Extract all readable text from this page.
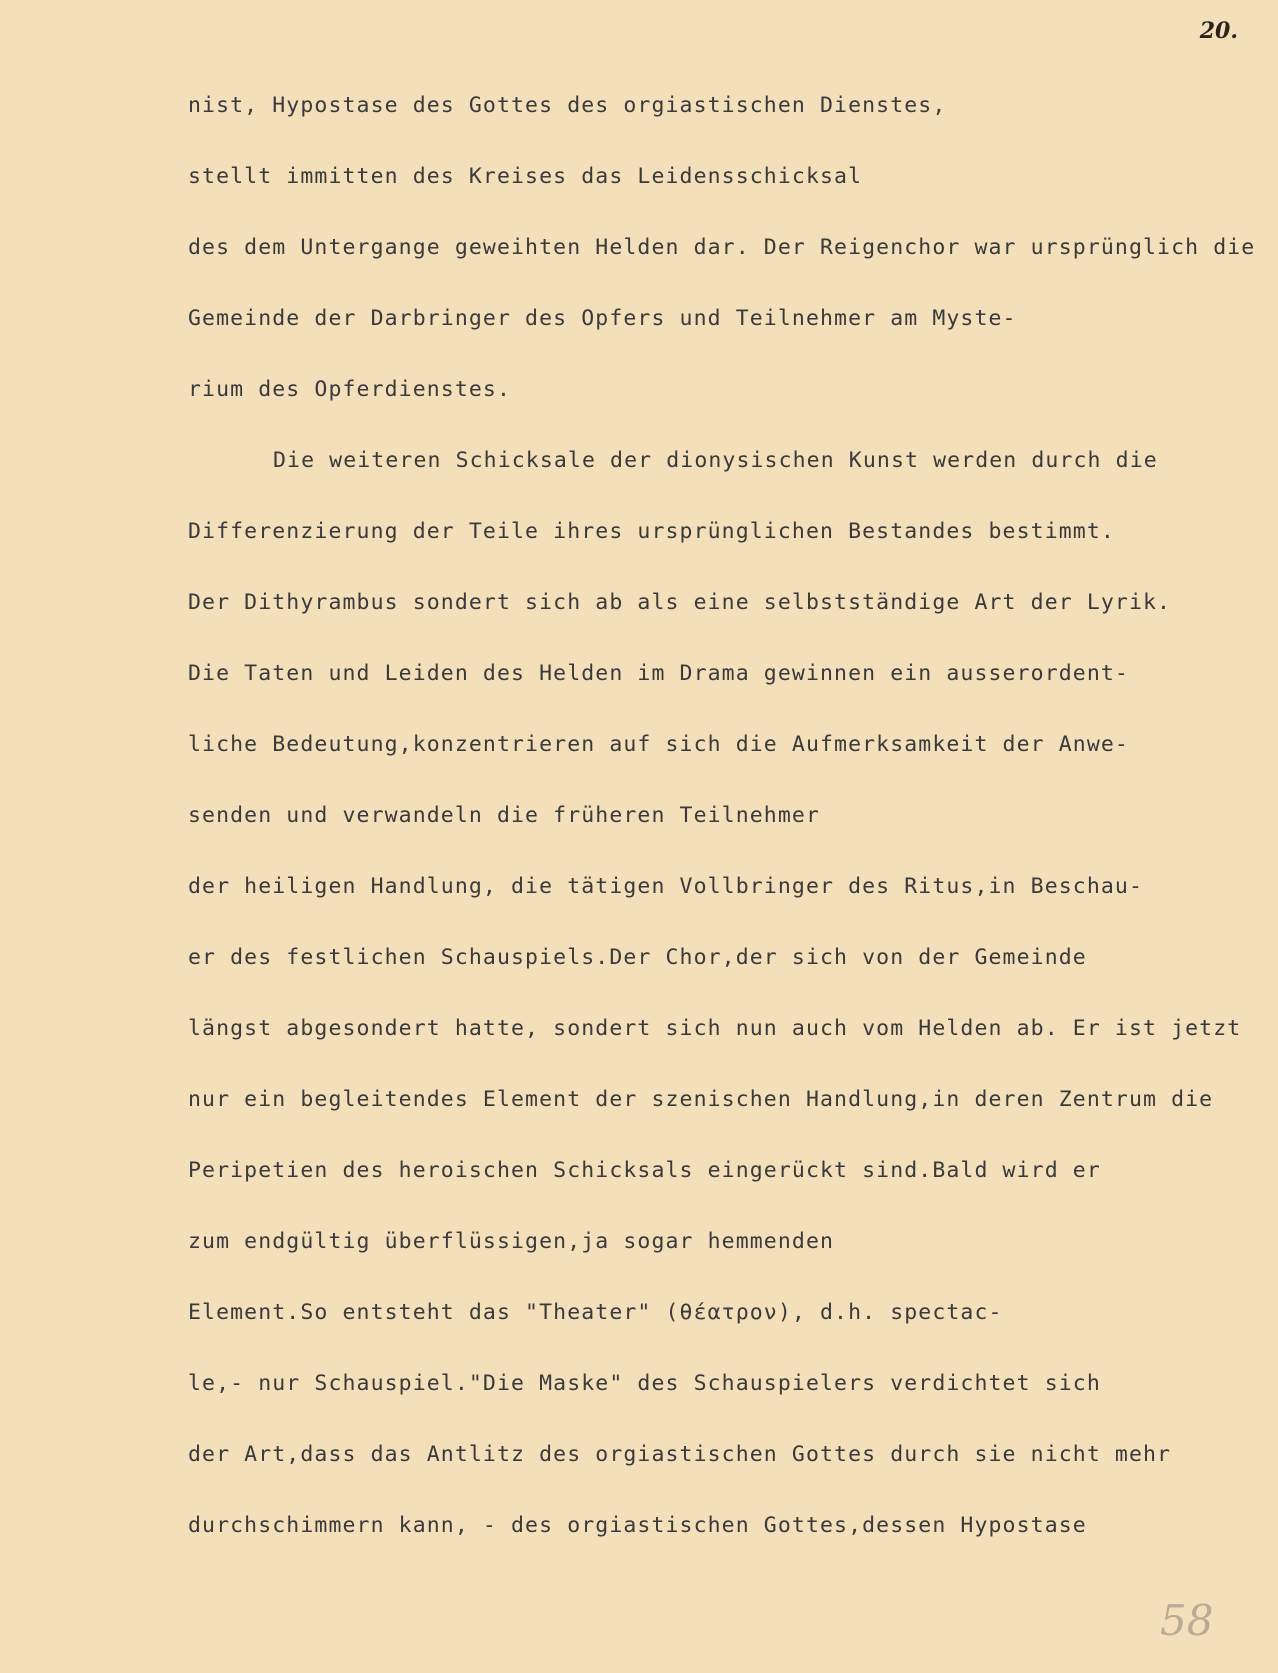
20.
nist, Hypostase des Gottes des orgiastischen Dienstes,
stellt immitten des Kreises das Leidensschicksal
des dem Untergange geweihten Helden dar. Der Reigenchor war ursprünglich die
Gemeinde der Darbringer des Opfers und Teilnehmer am Myste-
rium des Opferdienstes.
Die weiteren Schicksale der dionysischen Kunst werden durch die
Differenzierung der Teile ihres ursprünglichen Bestandes bestimmt.
Der Dithyrambus sondert sich ab als eine selbstständige Art der Lyrik.
Die Taten und Leiden des Helden im Drama gewinnen ein ausserordent-
liche Bedeutung,konzentrieren auf sich die Aufmerksamkeit der Anwe-
senden und verwandeln die früheren Teilnehmer
der heiligen Handlung, die tätigen Vollbringer des Ritus,in Beschau-
er des festlichen Schauspiels.Der Chor,der sich von der Gemeinde
längst abgesondert hatte, sondert sich nun auch vom Helden ab. Er ist jetzt
nur ein begleitendes Element der szenischen Handlung,in deren Zentrum die
Peripetien des heroischen Schicksals eingerückt sind.Bald wird er
zum endgültig überflüssigen,ja sogar hemmenden
Element.So entsteht das "Theater" (θέατρον), d.h. spectac-
le,- nur Schauspiel."Die Maske" des Schauspielers verdichtet sich
der Art,dass das Antlitz des orgiastischen Gottes durch sie nicht mehr
durchschimmern kann, - des orgiastischen Gottes,dessen Hypostase
58
